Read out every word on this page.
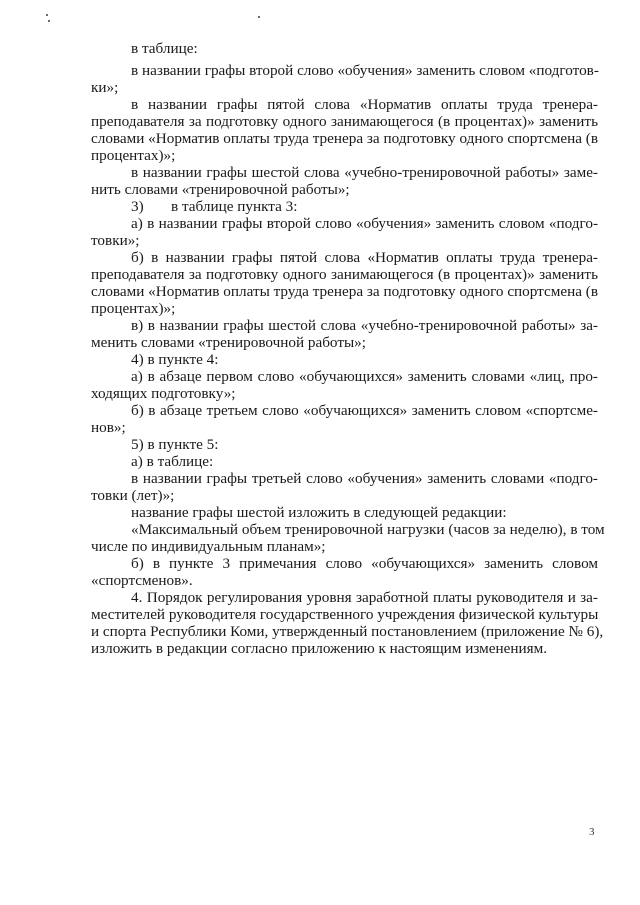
в таблице:

в названии графы второй слово «обучения» заменить словом «подготов-

ки»;

в названии графы пятой слова «Норматив оплаты труда тренера-

преподавателя за подготовку одного занимающегося (в процентах)» заменить

словами «Норматив оплаты труда тренера за подготовку одного спортсмена (в

процентах)»;

в названии графы шестой слова «учебно-тренировочной работы» заме-

нить словами «тренировочной работы»;

3) в таблице пункта 3:

а) в названии графы второй слово «обучения» заменить словом «подго-

товки»;

б) в названии графы пятой слова «Норматив оплаты труда тренера-

преподавателя за подготовку одного занимающегося (в процентах)» заменить

словами «Норматив оплаты труда тренера за подготовку одного спортсмена (в

процентах)»;

в) в названии графы шестой слова «учебно-тренировочной работы» за-

менить словами «тренировочной работы»;

4) в пункте 4:

а) в абзаце первом слово «обучающихся» заменить словами «лиц, про-

ходящих подготовку»;

б) в абзаце третьем слово «обучающихся» заменить словом «спортсме-

нов»;

5) в пункте 5:

а) в таблице:

в названии графы третьей слово «обучения» заменить словами «подго-

товки (лет)»;

название графы шестой изложить в следующей редакции:

«Максимальный объем тренировочной нагрузки (часов за неделю), в том

числе по индивидуальным планам»;

б) в пункте 3 примечания слово «обучающихся» заменить словом

«спортсменов».

4. Порядок регулирования уровня заработной платы руководителя и за-

местителей руководителя государственного учреждения физической культуры

и спорта Республики Коми, утвержденный постановлением (приложение № 6),

изложить в редакции согласно приложению к настоящим изменениям.

3
